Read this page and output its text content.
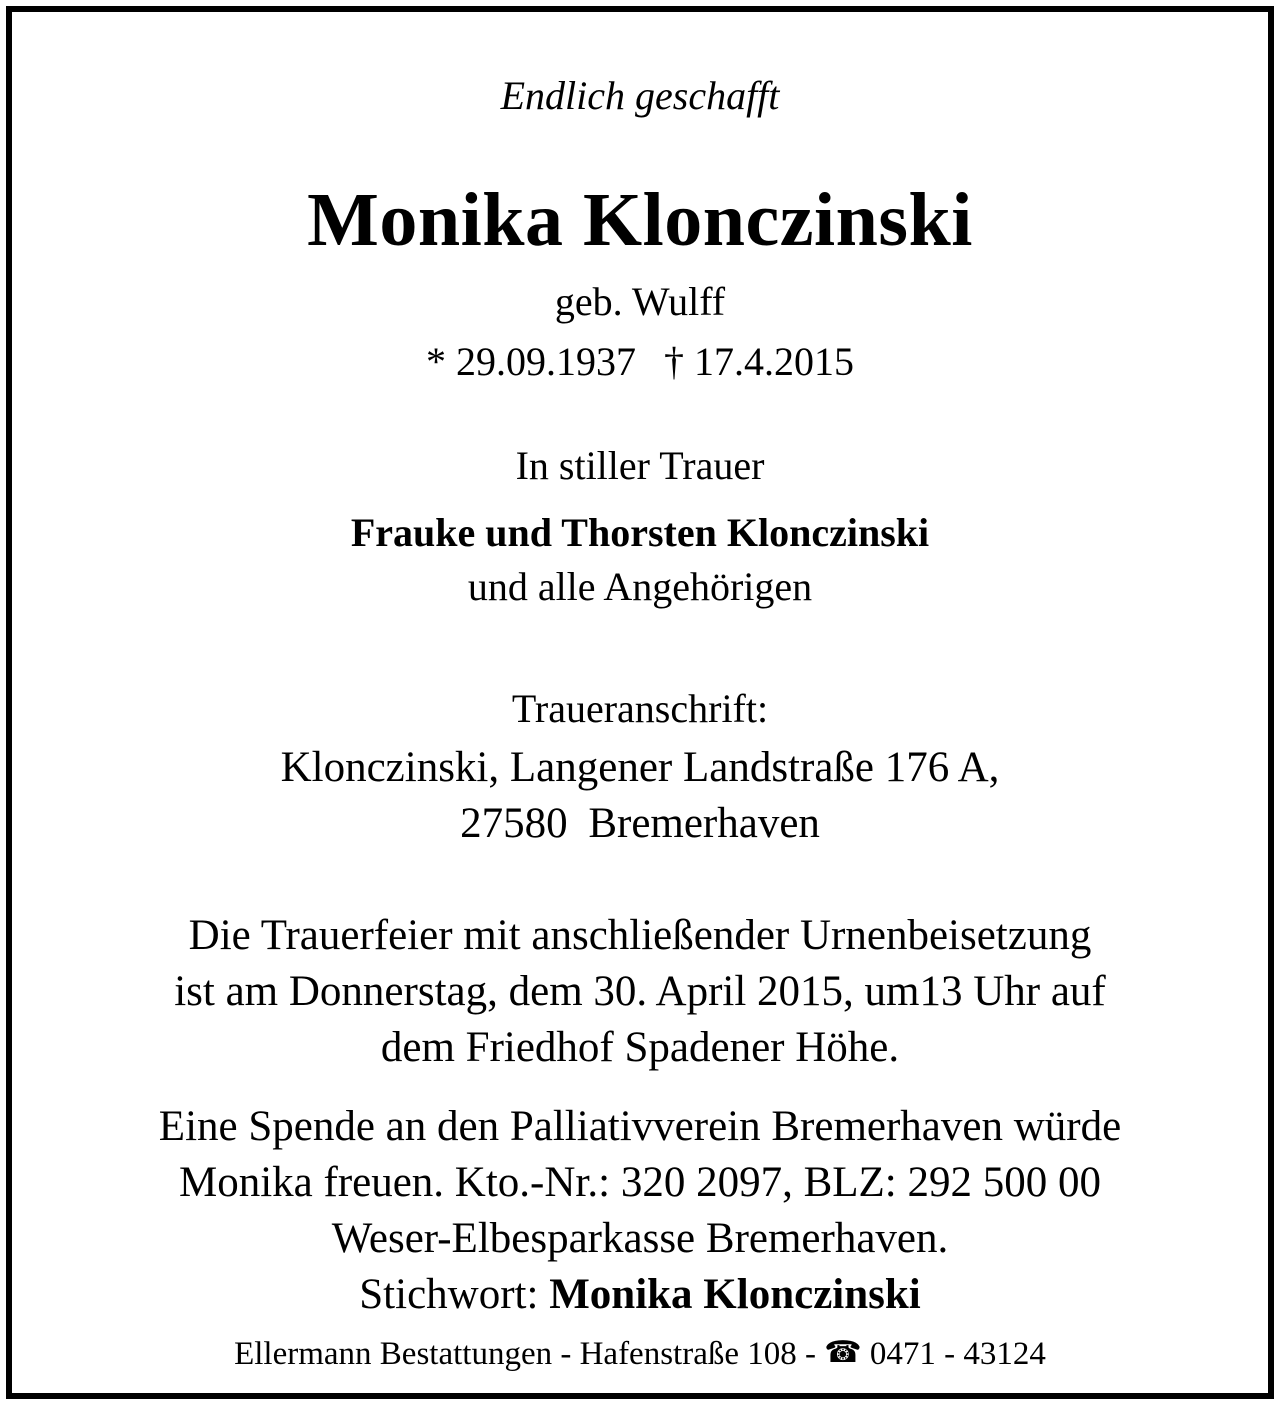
Endlich geschafft

Monika Klonczinski

geb. Wulff

* 29.09.1937 † 17.4.2015

In stiller Trauer

Frauke und Thorsten Klonczinski

und alle Angehörigen

Traueranschrift:

Klonczinski, Langener Landstraße 176 A,

27580 Bremerhaven

Die Trauerfeier mit anschließender Urnenbeisetzung

ist am Donnerstag, dem 30. April 2015, um13 Uhr auf

dem Friedhof Spadener Höhe.

Eine Spende an den Palliativverein Bremerhaven würde

Monika freuen. Kto.-Nr.: 320 2097, BLZ: 292 500 00

Weser-Elbesparkasse Bremerhaven.

Stichwort: Monika Klonczinski

Ellermann Bestattungen - Hafenstraße 108 - ☎ 0471 - 43124
